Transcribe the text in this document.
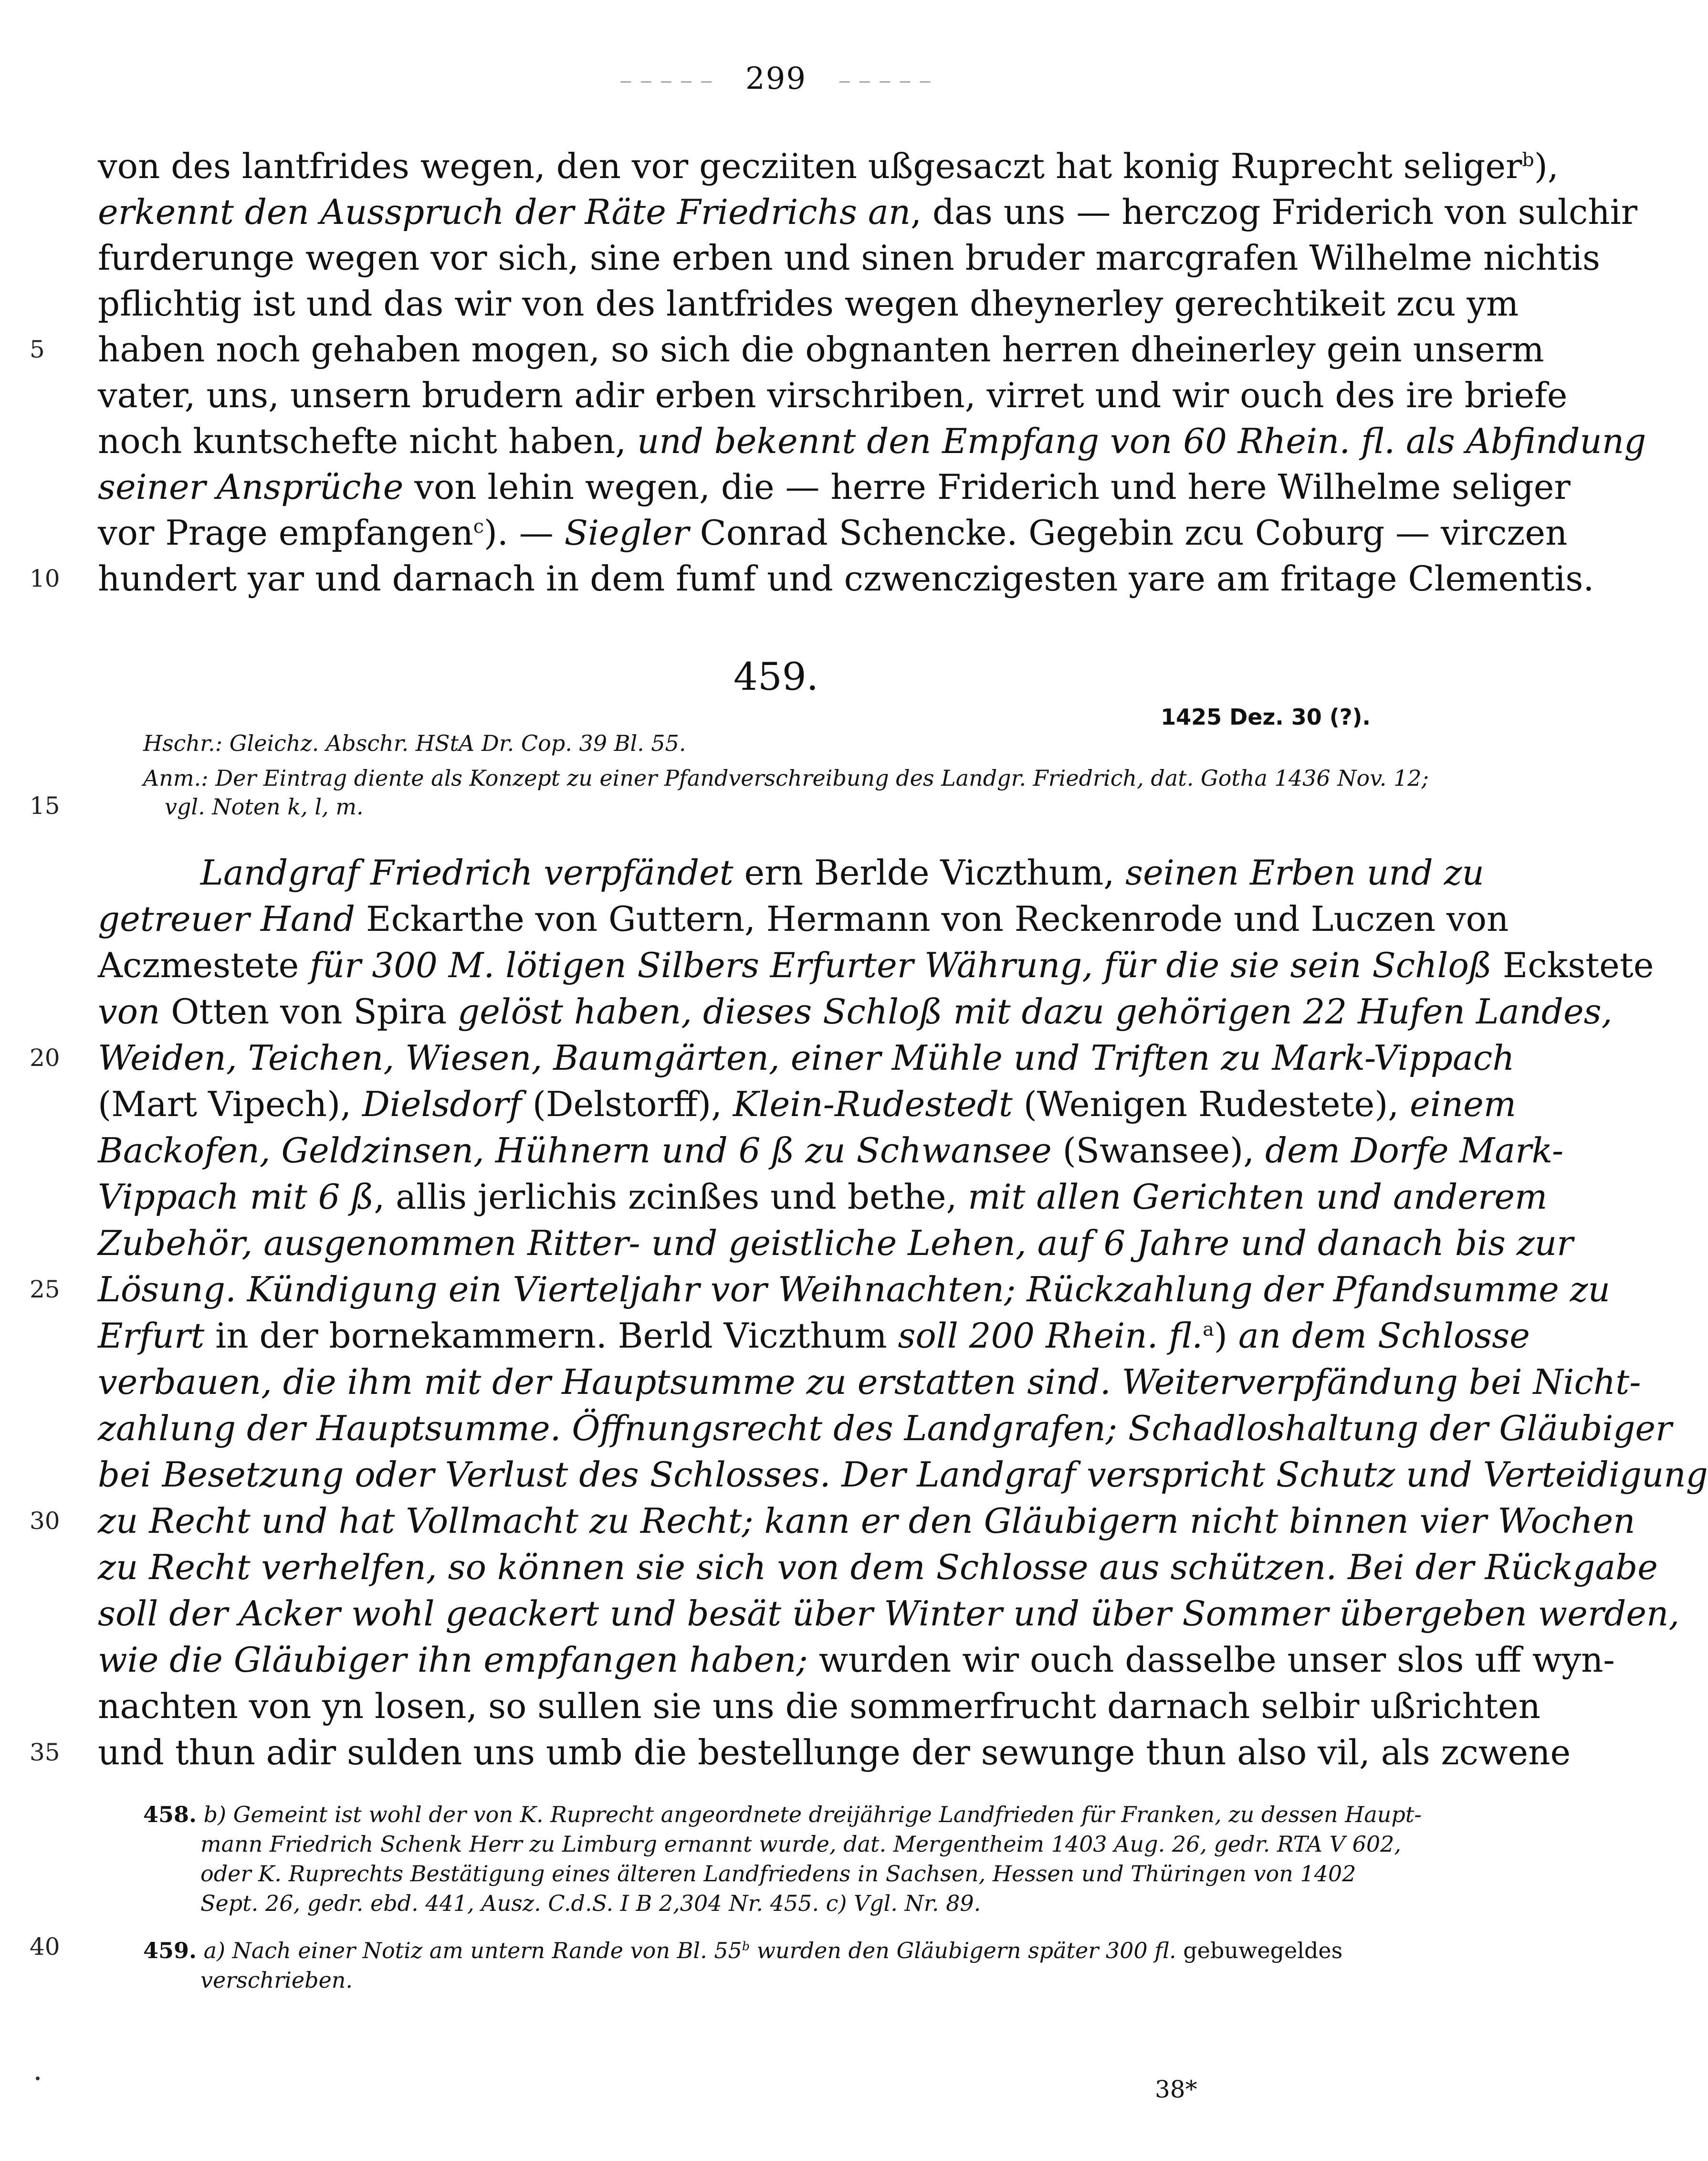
‒ ‒ ‒ ‒ ‒ 299 ‒ ‒ ‒ ‒ ‒

von des lantfrides wegen, den vor gecziiten ußgesaczt hat konig Ruprecht seliger$^b$),

erkennt den Ausspruch der Räte Friedrichs an, das uns — herczog Friderich von sulchir

furderunge wegen vor sich, sine erben und sinen bruder marcgrafen Wilhelme nichtis

pflichtig ist und das wir von des lantfrides wegen dheynerley gerechtikeit zcu ym

haben noch gehaben mogen, so sich die obgnanten herren dheinerley gein unserm

vater, uns, unsern brudern adir erben virschriben, virret und wir ouch des ire briefe

noch kuntschefte nicht haben, und bekennt den Empfang von 60 Rhein. fl. als Abfindung

seiner Ansprüche von lehin wegen, die — herre Friderich und here Wilhelme seliger

vor Prage empfangen$^c$). — Siegler Conrad Schencke. Gegebin zcu Coburg — virczen

hundert yar und darnach in dem fumf und czwenczigesten yare am fritage Clementis.

5
10
459.
1425 Dez. 30 (?).

Hschr.: Gleichz. Abschr. HStA Dr. Cop. 39 Bl. 55.

Anm.: Der Eintrag diente als Konzept zu einer Pfandverschreibung des Landgr. Friedrich, dat. Gotha 1436 Nov. 12;

vgl. Noten k, l, m.

15

Landgraf Friedrich verpfändet ern Berlde Viczthum, seinen Erben und zu

getreuer Hand Eckarthe von Guttern, Hermann von Reckenrode und Luczen von

Aczmestete für 300 M. lötigen Silbers Erfurter Währung, für die sie sein Schloß Eckstete

von Otten von Spira gelöst haben, dieses Schloß mit dazu gehörigen 22 Hufen Landes,

Weiden, Teichen, Wiesen, Baumgärten, einer Mühle und Triften zu Mark-Vippach

(Mart Vipech), Dielsdorf (Delstorff), Klein-Rudestedt (Wenigen Rudestete), einem

Backofen, Geldzinsen, Hühnern und 6 ß zu Schwansee (Swansee), dem Dorfe Mark-

Vippach mit 6 ß, allis jerlichis zcinßes und bethe, mit allen Gerichten und anderem

Zubehör, ausgenommen Ritter- und geistliche Lehen, auf 6 Jahre und danach bis zur

Lösung. Kündigung ein Vierteljahr vor Weihnachten; Rückzahlung der Pfandsumme zu

Erfurt in der bornekammern. Berld Viczthum soll 200 Rhein. fl.$^a$) an dem Schlosse

verbauen, die ihm mit der Hauptsumme zu erstatten sind. Weiterverpfändung bei Nicht-

zahlung der Hauptsumme. Öffnungsrecht des Landgrafen; Schadloshaltung der Gläubiger

bei Besetzung oder Verlust des Schlosses. Der Landgraf verspricht Schutz und Verteidigung

zu Recht und hat Vollmacht zu Recht; kann er den Gläubigern nicht binnen vier Wochen

zu Recht verhelfen, so können sie sich von dem Schlosse aus schützen. Bei der Rückgabe

soll der Acker wohl geackert und besät über Winter und über Sommer übergeben werden,

wie die Gläubiger ihn empfangen haben; wurden wir ouch dasselbe unser slos uff wyn-

nachten von yn losen, so sullen sie uns die sommerfrucht darnach selbir ußrichten

und thun adir sulden uns umb die bestellunge der sewunge thun also vil, als zcwene

20
25
30
35

458. b) Gemeint ist wohl der von K. Ruprecht angeordnete dreijährige Landfrieden für Franken, zu dessen Haupt-

mann Friedrich Schenk Herr zu Limburg ernannt wurde, dat. Mergentheim 1403 Aug. 26, gedr. RTA V 602,

oder K. Ruprechts Bestätigung eines älteren Landfriedens in Sachsen, Hessen und Thüringen von 1402

Sept. 26, gedr. ebd. 441, Ausz. C.d.S. I B 2,304 Nr. 455. c) Vgl. Nr. 89.

459. a) Nach einer Notiz am untern Rande von Bl. 55$^b$ wurden den Gläubigern später 300 fl. gebuwegeldes

verschrieben.

40
38*
